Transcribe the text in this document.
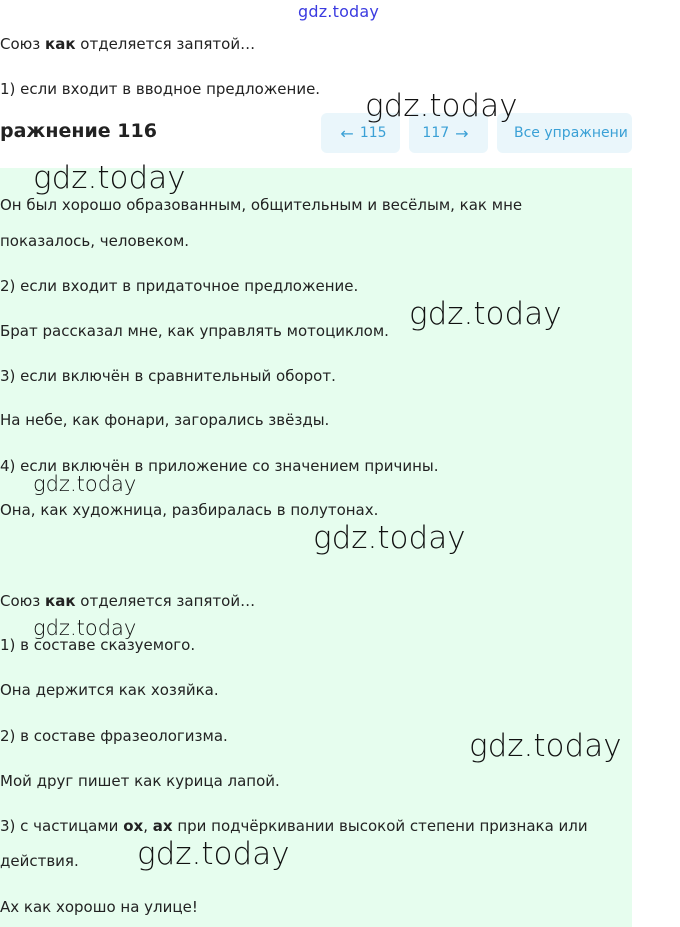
gdz.today
Союз как отделяется запятой…
1) если входит в вводное предложение.
ражнение 116	← 115	117 →	Все упражнени
Он был хорошо образованным, общительным и весёлым, как мне
показалось, человеком.
2) если входит в придаточное предложение.
Брат рассказал мне, как управлять мотоциклом.
3) если включён в сравнительный оборот.
На небе, как фонари, загорались звёзды.
4) если включён в приложение со значением причины.
Она, как художница, разбиралась в полутонах.
Союз как отделяется запятой…
1) в составе сказуемого.
Она держится как хозяйка.
2) в составе фразеологизма.
Мой друг пишет как курица лапой.
3) с частицами ох, ах при подчёркивании высокой степени признака или
действия.
Ах как хорошо на улице!
gdz.today
gdz.today
gdz.today
gdz.today
gdz.today
gdz.today
gdz.today
gdz.today
